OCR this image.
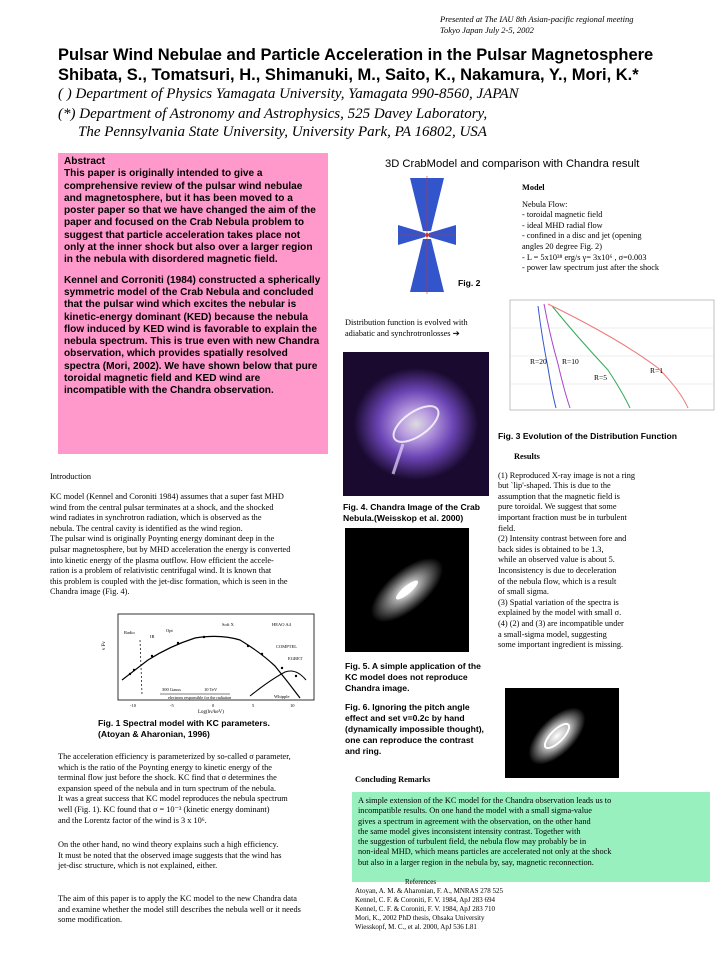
Presented at The IAU 8th Asian-pacific regional meeting
Tokyo Japan July 2-5, 2002
Pulsar Wind Nebulae and Particle Acceleration in the Pulsar Magnetosphere
Shibata, S., Tomatsuri, H., Shimanuki, M., Saito, K., Nakamura, Y., Mori, K.*
( ) Department of Physics Yamagata University, Yamagata 990-8560, JAPAN
(*) Department of Astronomy and Astrophysics, 525 Davey Laboratory,
The Pennsylvania State University, University Park, PA 16802, USA
Abstract

This paper is originally intended to give a comprehensive review of the pulsar wind nebulae and magnetosphere, but it has been moved to a poster paper so that we have changed the aim of the paper and focused on the Crab Nebula problem to suggest that particle acceleration takes place not only at the inner shock but also over a larger region in the nebula with disordered magnetic field.

Kennel and Corroniti (1984) constructed a spherically symmetric model of the Crab Nebula and concluded that the pulsar wind which excites the nebular is kinetic-energy dominant (KED) because the nebula flow induced by KED wind is favorable to explain the nebula spectrum. This is true even with new Chandra observation, which provides spatially resolved spectra (Mori, 2002). We have shown below that pure toroidal magnetic field and KED wind are incompatible with the Chandra observation.

Introduction
KC model (Kennel and Coroniti 1984) assumes that a super fast MHD
wind from the central pulsar terminates at a shock, and the shocked
wind radiates in synchrotron radiation, which is observed as the
nebula. The central cavity is identified as the wind region.
The pulsar wind is originally Poynting energy dominant deep in the
pulsar magnetosphere, but by MHD acceleration the energy is converted
into kinetic energy of the plasma outflow. How efficient the accele-
ration is a problem of relativistic centrifugal wind. It is known that
this problem is coupled with the jet-disc formation, which is seen in the
Chandra image (Fig. 4).
ν Fν
Log(hν/keV)
-10	-5	0	5	10
Radio
IR
Opt
Soft X	HEAO A4
COMPTEL
EGRET
Whipple
300 Gauss	10 TeV
electrons responsible for the radiation
Fig. 1 Spectral model with KC parameters.
(Atoyan & Aharonian, 1996)
The acceleration efficiency is parameterized by so-called σ parameter,
which is the ratio of the Poynting energy to kinetic energy of the
terminal flow just before the shock. KC find that σ determines the
expansion speed of the nebula and in turn spectrum of the nebula.
It was a great success that KC model reproduces the nebula spectrum
well (Fig. 1). KC found that σ = 10⁻³ (kinetic energy dominant)
and the Lorentz factor of the wind is 3 x 10⁶.
On the other hand, no wind theory explains such a high efficiency.
It must be noted that the observed image suggests that the wind has
jet-disc structure, which is not explained, either.
The aim of this paper is to apply the KC model to the new Chandra data
and examine whether the model still describes the nebula well or it needs
some modification.
3D CrabModel and comparison with Chandra result
Fig. 2
Model
Nebula Flow:
- toroidal magnetic field
- ideal MHD radial flow
- confined in a disc and jet (opening
angles 20 degree Fig. 2)
- L = 5x10³⁸ erg/s γ= 3x10⁶ , σ=0.003
- power law spectrum just after the shock
R=20 R=10
R=5
R=1
Fig. 3 Evolution of the Distribution Function
Distribution function is evolved with
adiabatic and synchrotronlosses ➔
Fig. 4. Chandra Image of the Crab
Nebula.(Weisskop et al. 2000)
Fig. 5. A simple application of the
KC model does not reproduce
Chandra image.
Fig. 6. Ignoring the pitch angle
effect and set v=0.2c by hand
(dynamically impossible thought),
one can reproduce the contrast
and ring.
Results
(1) Reproduced X-ray image is not a ring
but `lip'-shaped. This is due to the
assumption that the magnetic field is
pure toroidal. We suggest that some
important fraction must be in turbulent
field.
(2) Intensity contrast between fore and
back sides is obtained to be 1.3,
while an observed value is about 5.
Inconsistency is due to deceleration
of the nebula flow, which is a result
of small sigma.
(3) Spatial variation of the spectra is
explained by the model with small σ.
(4) (2) and (3) are incompatible under
a small-sigma model, suggesting
some important ingredient is missing.
Concluding Remarks
A simple extension of the KC model for the Chandra observation leads us to
incompatible results. On one hand the model with a small sigma-value
gives a spectrum in agreement with the observation, on the other hand
the same model gives inconsistent intensity contrast. Together with
the suggestion of turbulent field, the nebula flow may probably be in
non-ideal MHD, which means particles are accelerated not only at the shock
but also in a larger region in the nebula by, say, magnetic reconnection.
References
Atoyan, A. M. & Aharonian, F. A., MNRAS 278 525
Kennel, C. F. & Coroniti, F. V. 1984, ApJ 283 694
Kennel, C. F. & Coroniti, F. V. 1984, ApJ 283 710
Mori, K., 2002 PhD thesis, Ohsaka University
Wiesskopf, M. C., et al. 2000, ApJ 536 L81
